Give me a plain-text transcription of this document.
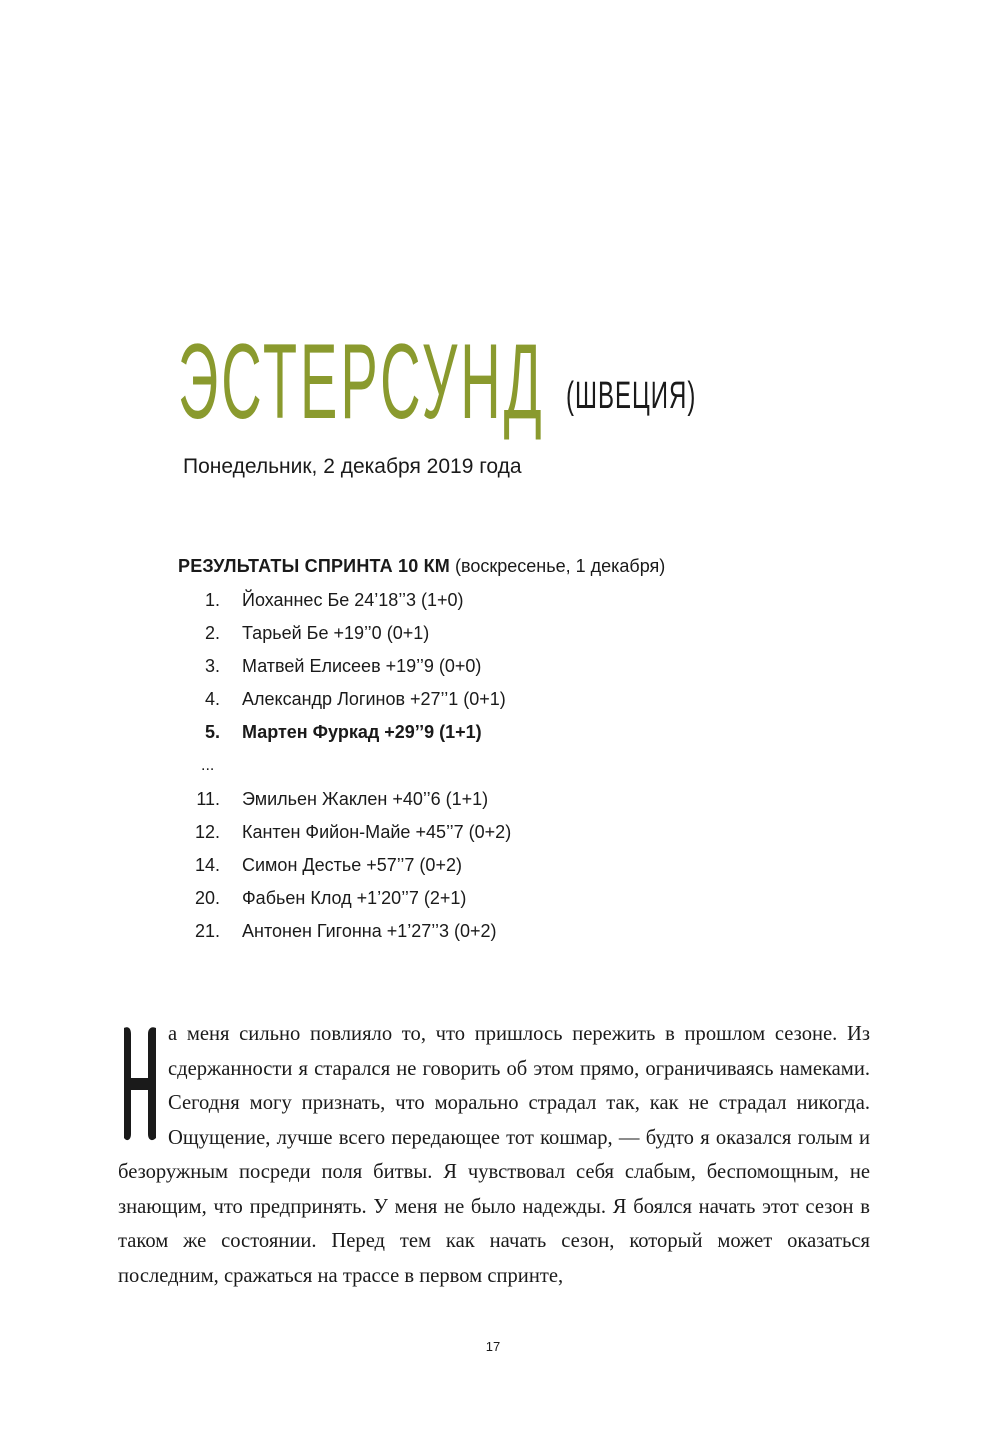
ЭСТЕРСУНД (ШВЕЦИЯ)
Понедельник, 2 декабря 2019 года
РЕЗУЛЬТАТЫ СПРИНТА 10 КМ (воскресенье, 1 декабря)
1. Йоханнес Бе 24’18’’3 (1+0)
2. Тарьей Бе +19’’0 (0+1)
3. Матвей Елисеев +19’’9 (0+0)
4. Александр Логинов +27’’1 (0+1)
5. Мартен Фуркад +29’’9 (1+1)
...
11. Эмильен Жаклен +40’’6 (1+1)
12. Кантен Фийон-Майе +45’’7 (0+2)
14. Симон Дестье +57’’7 (0+2)
20. Фабьен Клод +1’20’’7 (2+1)
21. Антонен Гигонна +1’27’’3 (0+2)
а меня сильно повлияло то, что пришлось пережить в прошлом сезоне. Из сдержанности я старался не говорить об этом прямо, ограничиваясь намеками. Сегодня могу признать, что морально страдал так, как не страдал никогда. Ощущение, лучше всего передающее тот кошмар, — будто я оказался голым и безоружным посреди поля битвы. Я чувствовал себя слабым, беспомощным, не знающим, что предпринять. У меня не было надежды. Я боялся начать этот сезон в таком же состоянии. Перед тем как начать сезон, который может оказаться последним, сражаться на трассе в первом спринте,
17
